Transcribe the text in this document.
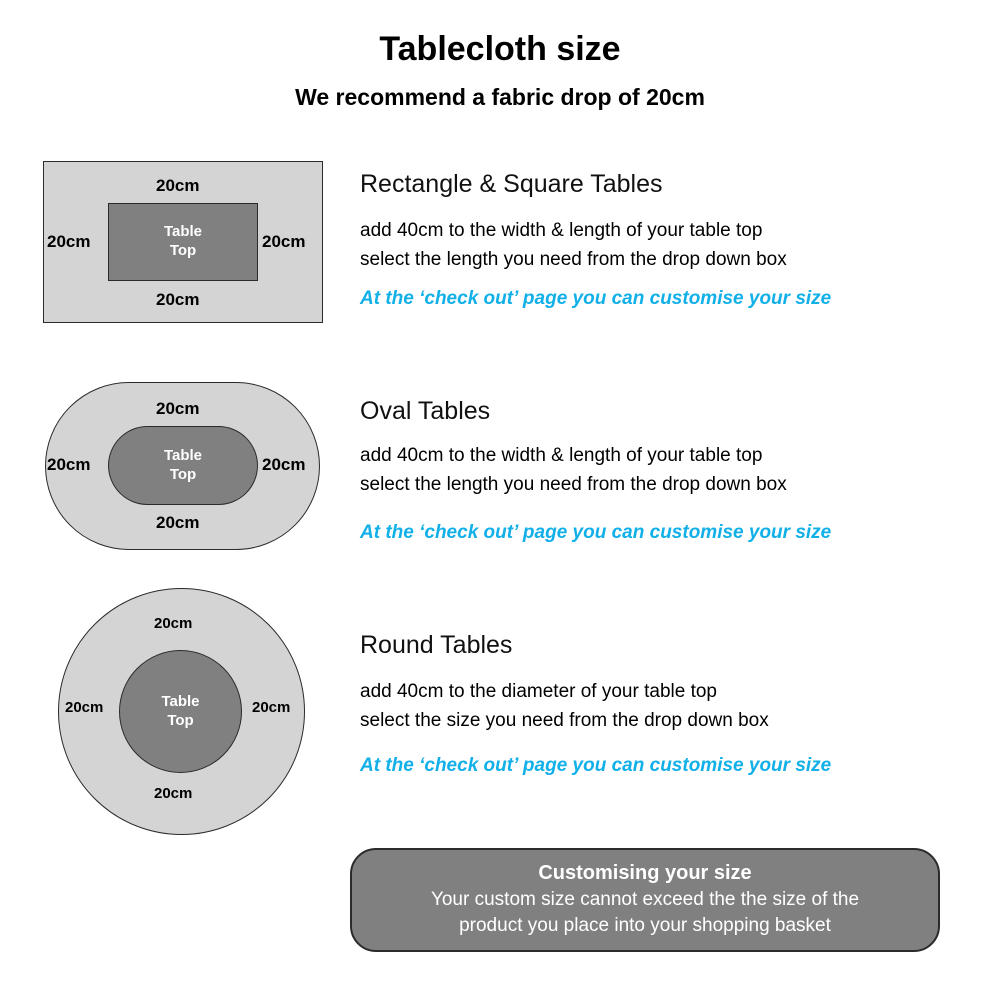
Tablecloth size
We recommend a fabric drop of 20cm
Table
Top
20cm
20cm	20cm
20cm
Rectangle & Square Tables
add 40cm to the width & length of your table top
select the length you need from the drop down box
At the ‘check out’ page you can customise your size
Table
Top
20cm
20cm	20cm
20cm
Oval Tables
add 40cm to the width & length of your table top
select the length you need from the drop down box
At the ‘check out’ page you can customise your size
Table
Top
20cm
20cm	20cm
20cm
Round Tables
add 40cm to the diameter of your table top
select the size you need from the drop down box
At the ‘check out’ page you can customise your size
Customising your size
Your custom size cannot exceed the the size of the
product you place into your shopping basket
